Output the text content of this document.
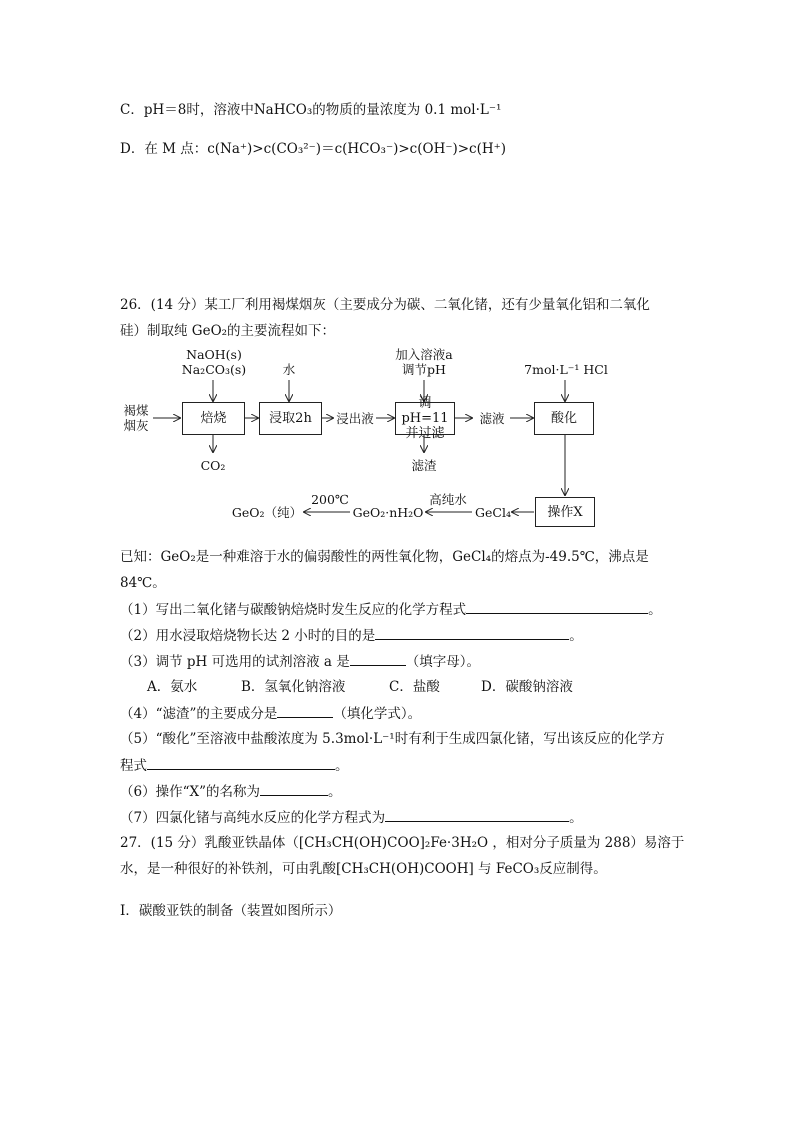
C．pH＝8时，溶液中NaHCO₃的物质的量浓度为 0.1 mol·L⁻¹
D．在 M 点：c(Na⁺)>c(CO₃²⁻)＝c(HCO₃⁻)>c(OH⁻)>c(H⁺)
26．(14 分）某工厂利用褐煤烟灰（主要成分为碳、二氧化锗，还有少量氧化铝和二氧化
硅）制取纯 GeO₂的主要流程如下：
褐煤烟灰
NaOH(s) Na₂CO₃(s)
焙烧
CO₂
水
浸取2h	浸出液
加入溶液a 调节pH
调pH=11 并过滤
滤渣
滤液
7mol·L⁻¹ HCl
酸化
操作X
GeCl₄
高纯水
GeO₂·nH₂O
200℃
GeO₂（纯）
已知：GeO₂是一种难溶于水的偏弱酸性的两性氧化物，GeCl₄的熔点为-49.5℃，沸点是
84℃。
（1）写出二氧化锗与碳酸钠焙烧时发生反应的化学方程式	。
（2）用水浸取焙烧物长达 2 小时的目的是	。
（3）调节 pH 可选用的试剂溶液 a 是	（填字母）。
A．氨水	B．氢氧化钠溶液	C．盐酸	D．碳酸钠溶液
（4）“滤渣”的主要成分是	（填化学式）。
（5）“酸化”至溶液中盐酸浓度为 5.3mol·L⁻¹时有利于生成四氯化锗，写出该反应的化学方
程式	。
（6）操作“X”的名称为	。
（7）四氯化锗与高纯水反应的化学方程式为	。
27．(15 分）乳酸亚铁晶体（[CH₃CH(OH)COO]₂Fe·3H₂O ，相对分子质量为 288）易溶于
水，是一种很好的补铁剂，可由乳酸[CH₃CH(OH)COOH] 与 FeCO₃反应制得。
I．碳酸亚铁的制备（装置如图所示）
